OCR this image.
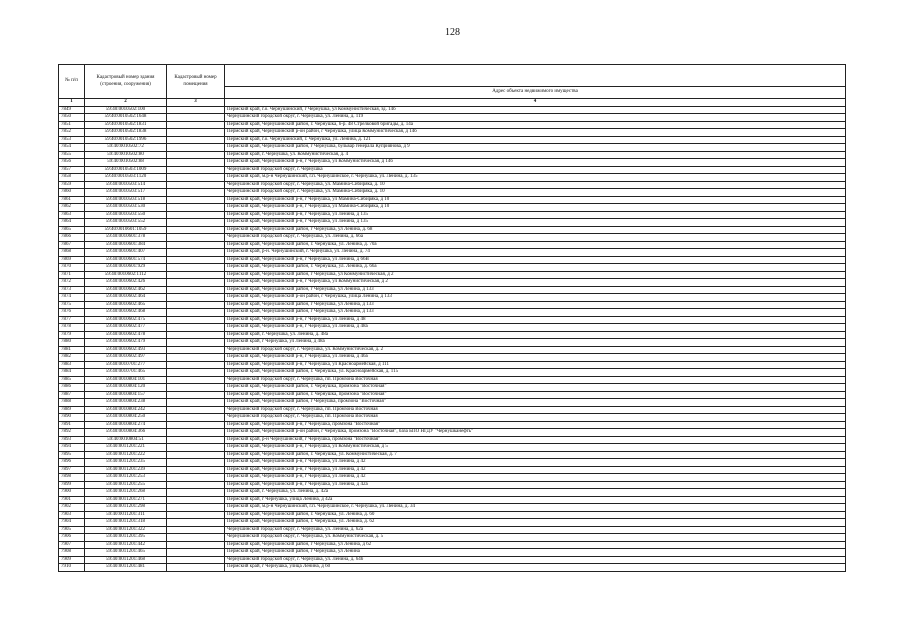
128
№ п/п	Кадастровый номер здания (строения, сооружения)	Кадастровый номер помещения	
			Адрес объекта недвижимого имущества
1	2	3	4
7849	59:40:0010502:100		Пермский край, г.о. Чернушинский, г Чернушка, ул Коммунистическая, зд. 14б
7850	59:40:0010502:1648		Чернушинский городской округ, г. Чернушка, ул. Ленина, д. 119
7851	59:40:0010502:1831		Пермский край, Чернушинский район, г. Чернушка, б-р. 48 Стрелковой бригады, д. 14а
7852	59:40:0010502:1838		Пермский край, Чернушинский р-он район, г Чернушка, улица Коммунистическая, д 14б
7853	59:40:0010502:1996		Пермский край, г.о. Чернушинский, г. Чернушка, ул. Ленина, д. 121
7854	59:40:0010502:72		Пермский край, Чернушинский район, г Чернушка, бульвар генерала Куприянова, д 9
7855	59:40:0010502:80		Пермский край, г. Чернушка, ул. Коммунистическая, д. 4
7856	59:40:0010502:88		Пермский край, Чернушинский р-н, г Чернушка, ул Коммунистическая, д 14б
7857	59:40:0010503:1009		Чернушинский городской округ, г. Чернушка
7858	59:40:0010503:1120		Пермский край, м.р-н Чернушинский, г.п. Чернушинское, г. Чернушка, ул. Ленина, д. 135
7859	59:40:0010503:514		Чернушинский городской округ, г. Чернушка, ул. Мамина-Сибиряка, д. 10
7860	59:40:0010503:517		Чернушинский городской округ, г. Чернушка, ул. Мамина-Сибиряка, д. 10
7861	59:40:0010503:518		Пермский край, Чернушинский р-н, г Чернушка, ул Мамина-Сибиряка, д 10
7862	59:40:0010503:530		Пермский край, Чернушинский р-н, г Чернушка, ул Мамина-Сибиряка, д 10
7863	59:40:0010503:550		Пермский край, Чернушинский р-н, г Чернушка, ул Ленина, д 135
7864	59:40:0010503:552		Пермский край, Чернушинский р-н, г Чернушка, ул Ленина, д 135
7865	59:40:0010601:1059		Пермский край, Чернушинский район, г Чернушка, ул Ленина, д. 68
7866	59:40:0010601:378		Чернушинский городской округ, г. Чернушка, ул. Ленина, д. 66а
7867	59:40:0010601:384		Пермский край, Чернушинский район, г. Чернушка, ул. Ленина, д. 70а
7868	59:40:0010601:407		Пермский край, р-н. Чернушинский, г. Чернушка, ул. Ленина, д. 74
7869	59:40:0010601:574		Пермский край, Чернушинский р-н, г Чернушка, ул Ленина, д 66В
7870	59:40:0010601:929		Пермский край, Чернушинский район, г. Чернушка, ул. Ленина, д. 66а
7871	59:40:0010602:1112		Пермский край, Чернушинский район, г Чернушка, ул Коммунистическая, д 2
7872	59:40:0010602:426		Пермский край, Чернушинский р-н, г Чернушка, ул Коммунистическая, д 2
7873	59:40:0010602:462		Пермский край, Чернушинский район, г Чернушка, ул Ленина, д 133
7874	59:40:0010602:464		Пермский край, Чернушинский р-он район, г Чернушка, улица Ленина, д 133
7875	59:40:0010602:465		Пермский край, Чернушинский район, г Чернушка, ул Ленина, д 133
7876	59:40:0010602:468		Пермский край, Чернушинский район, г Чернушка, ул Ленина, д 133
7877	59:40:0010602:475		Пермский край, Чернушинский р-н, г Чернушка, ул Ленина, д 48
7878	59:40:0010602:477		Пермский край, Чернушинский р-н, г Чернушка, ул Ленина, д 48а
7879	59:40:0010602:478		Пермский край, г. Чернушка, ул. Ленина, д. 48а
7880	59:40:0010602:479		Пермский край, г Чернушка, ул Ленина, д 48а
7881	59:40:0010602:493		Чернушинский городской округ, г. Чернушка, ул. Коммунистическая, д. 2
7882	59:40:0010602:497		Пермский край, Чернушинский р-н, г Чернушка, ул Ленина, д 46а
7883	59:40:0010701:277		Пермский край, Чернушинский р-н, г Чернушка, ул Красноармейская, д 111
7884	59:40:0010701:465		Пермский край, Чернушинский район, г. Чернушка, ул. Красноармейская, д. 115
7885	59:40:0010804:101		Чернушинский городской округ, г. Чернушка, пп. Промзона Восточная
7886	59:40:0010804:120		Пермский край, Чернушинский район, г. Чернушка, промзона "Восточная"
7887	59:40:0010804:157		Пермский край, Чернушинский район, г. Чернушка, промзона "Восточная"
7888	59:40:0010804:238		Пермский край, Чернушинский район, г Чернушка, промзона "Восточная"
7889	59:40:0010804:242		Чернушинский городской округ, г. Чернушка, пп. Промзона Восточная
7890	59:40:0010804:250		Чернушинский городской округ, г. Чернушка, пп. Промзона Восточная
7891	59:40:0010804:274		Пермский край, Чернушинский р-н, г Чернушка, промзона "Восточная"
7892	59:40:0010804:366		Пермский край, Чернушинский р-он район, г Чернушка, промзона "Восточная", база БПО НГДУ "Чернушканефть"
7893	59:40:0010804:51		Пермский край, р-н Чернушинский, г Чернушка, промзона "Восточная"
7894	59:40:0011201:221		Пермский край, Чернушинский р-н, г Чернушка, ул Коммунистическая, д 5
7895	59:40:0011201:222		Пермский край, Чернушинский район, г. Чернушка, ул. Коммунистическая, д. 7
7896	59:40:0011201:235		Пермский край, Чернушинский р-н, г Чернушка, ул Ленина, д 42
7897	59:40:0011201:239		Пермский край, Чернушинский р-н, г Чернушка, ул Ленина, д 42
7898	59:40:0011201:253		Пермский край, Чернушинский р-н, г Чернушка, ул Ленина, д 42
7899	59:40:0011201:255		Пермский край, Чернушинский р-н, г Чернушка, ул Ленина, д 42а
7900	59:40:0011201:268		Пермский край, г. Чернушка, ул. Ленина, д. 42а
7901	59:40:0011201:271		Пермский край, г Чернушка, улица Ленина, д 42а
7902	59:40:0011201:298		Пермский край, м.р-н Чернушинский, г.п. Чернушинское, г. Чернушка, ул. Ленина, д. 34
7903	59:40:0011201:311		Пермский край, Чернушинский район, г. Чернушка, ул. Ленина, д. 60
7904	59:40:0011201:318		Пермский край, Чернушинский район, г. Чернушка, ул. Ленина, д. 62
7905	59:40:0011201:322		Чернушинский городской округ, г. Чернушка, ул. Ленина, д. 62а
7906	59:40:0011201:395		Чернушинский городской округ, г. Чернушка, ул. Коммунистическая, д. 5
7907	59:40:0011201:442		Пермский край, Чернушинский район, г Чернушка, ул Ленина, д 62
7908	59:40:0011201:465		Пермский край, Чернушинский район, г Чернушка, ул Ленина
7909	59:40:0011201:468		Чернушинский городской округ, г. Чернушка, ул. Ленина, д. 64б
7910	59:40:0011201:481		Пермский край, г Чернушка, улица Ленина, д 60
